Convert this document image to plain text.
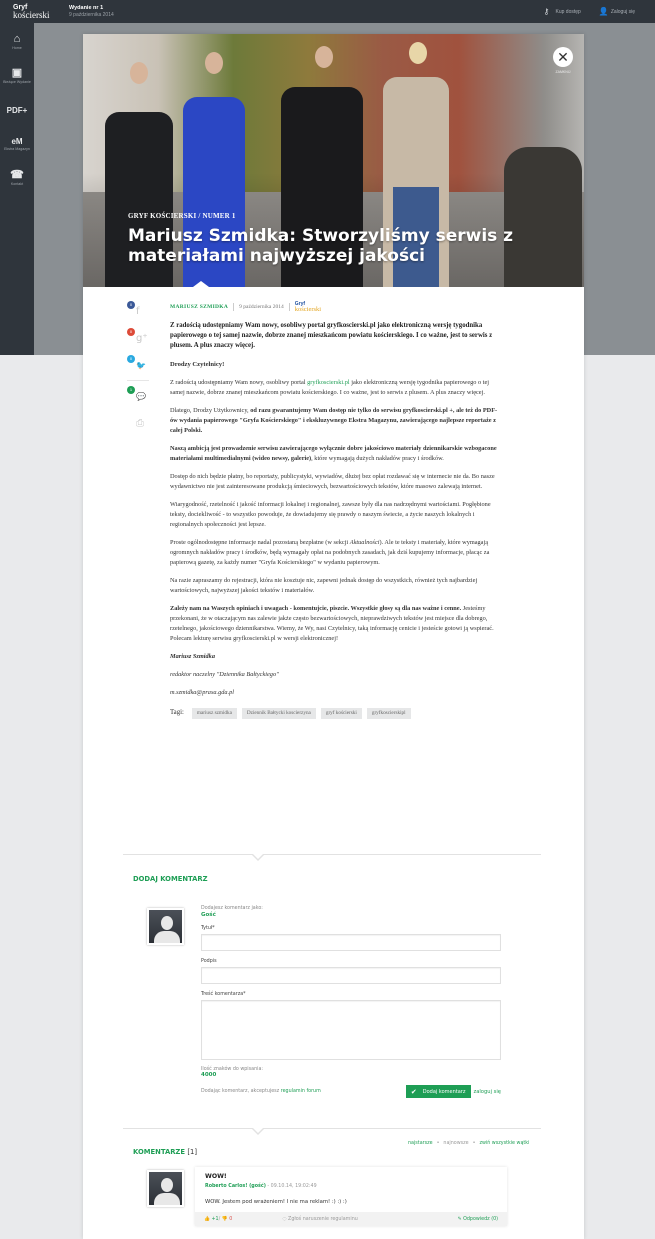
Gryf
kościerski
Wydanie nr 1
9 października 2014	⚷	Kup dostęp 👤 Zaloguj się
⌂
Home
▣
Bieżące Wydanie
PDF+
eM
Ekstra Magazyn
☎
Kontakt
GRYF KOŚCIERSKI / NUMER 1
Mariusz Szmidka: Stworzyliśmy serwis z materiałami najwyższej jakości
✕
ZAMKNIJ
0
f
0
g⁺
0
🐦
1
💬
⎙
MARIUSZ SZMIDKA 9 października 2014 Gryf
kościerski
Z radością udostępniamy Wam nowy, osobliwy portal gryfkoscierski.pl jako elektroniczną wersję tygodnika papierowego o tej samej nazwie, dobrze znanej mieszkańcom powiatu kościerskiego. I co ważne, jest to serwis z plusem. A plus znaczy więcej.

Drodzy Czytelnicy!

Z radością udostępniamy Wam nowy, osobliwy portal gryfkoscierski.pl jako elektroniczną wersję tygodnika papierowego o tej samej nazwie, dobrze znanej mieszkańcom powiatu kościerskiego. I co ważne, jest to serwis z plusem. A plus znaczy więcej.

Dlatego, Drodzy Użytkownicy, od razu gwarantujemy Wam dostęp nie tylko do serwisu gryfkoscierski.pl +, ale też do PDF-ów wydania papierowego "Gryfa Kościerskiego" i ekskluzywnego Ekstra Magazynu, zawierającego najlepsze reportaże z całej Polski.

Naszą ambicją jest prowadzenie serwisu zawierającego wyłącznie dobre jakościowo materiały dziennikarskie wzbogacone materiałami multimedialnymi (wideo newsy, galerie), które wymagają dużych nakładów pracy i środków.

Dostęp do nich będzie płatny, bo reportaży, publicystyki, wywiadów, dłużej bez opłat rozdawać się w internecie nie da. Bo nasze wydawnictwo nie jest zainteresowane produkcją śmieciowych, bezwartościowych tekstów, które masowo zalewają internet.

Wiarygodność, rzetelność i jakość informacji lokalnej i regionalnej, zawsze były dla nas nadrzędnymi wartościami. Pogłębione teksty, dociekliwość - to wszystko powoduje, że dowiadujemy się prawdy o naszym świecie, a życie naszych lokalnych i regionalnych społeczności jest lepsze.

Proste ogólnodostępne informacje nadal pozostaną bezpłatne (w sekcji Aktualności). Ale te teksty i materiały, które wymagają ogromnych nakładów pracy i środków, będą wymagały opłat na podobnych zasadach, jak dziś kupujemy informacje, płacąc za papierową gazetę, za każdy numer "Gryfa Kościerskiego" w wydaniu papierowym.

Na razie zapraszamy do rejestracji, która nie kosztuje nic, zapewni jednak dostęp do wszystkich, również tych najbardziej wartościowych, najwyższej jakości tekstów i materiałów.

Zależy nam na Waszych opiniach i uwagach - komentujcie, piszcie. Wszystkie głosy są dla nas ważne i cenne. Jesteśmy przekonani, że w otaczającym nas zalewie jakże często bezwartościowych, nieprawdziwych tekstów jest miejsce dla dobrego, rzetelnego, jakościowego dziennikarstwa. Wiemy, że Wy, nasi Czytelnicy, taką informację cenicie i jesteście gotowi ją wspierać. Polecam lekturę serwisu gryfkoscierski.pl w wersji elektronicznej!

Mariusz Szmidka

redaktor naczelny "Dziennika Bałtyckiego"

m.szmidka@prasa.gda.pl

Tagi:	mariusz szmidka	Dziennik Bałtycki koscierzyna	gryf kościerski	gryfkoscierskipl
DODAJ KOMENTARZ
Dodajesz komentarz jako:
Gość
Tytuł*
Podpis
Treść komentarza*
Ilość znaków do wpisania:
4000
Dodając komentarz, akceptujesz regulamin forum	✔ Dodaj komentarz zaloguj się
KOMENTARZE [1]
najstarsze • najnowsze • zwiń wszystkie wątki
WOW!
Roberto Carlos! (gość) - 09.10.14, 19:02:49
WOW. Jestem pod wrażeniem! I nie ma reklam! :) :) :)
👍
+1 /
👎
0	◌ Zgłoś naruszenie regulaminu	✎ Odpowiedz (0)
